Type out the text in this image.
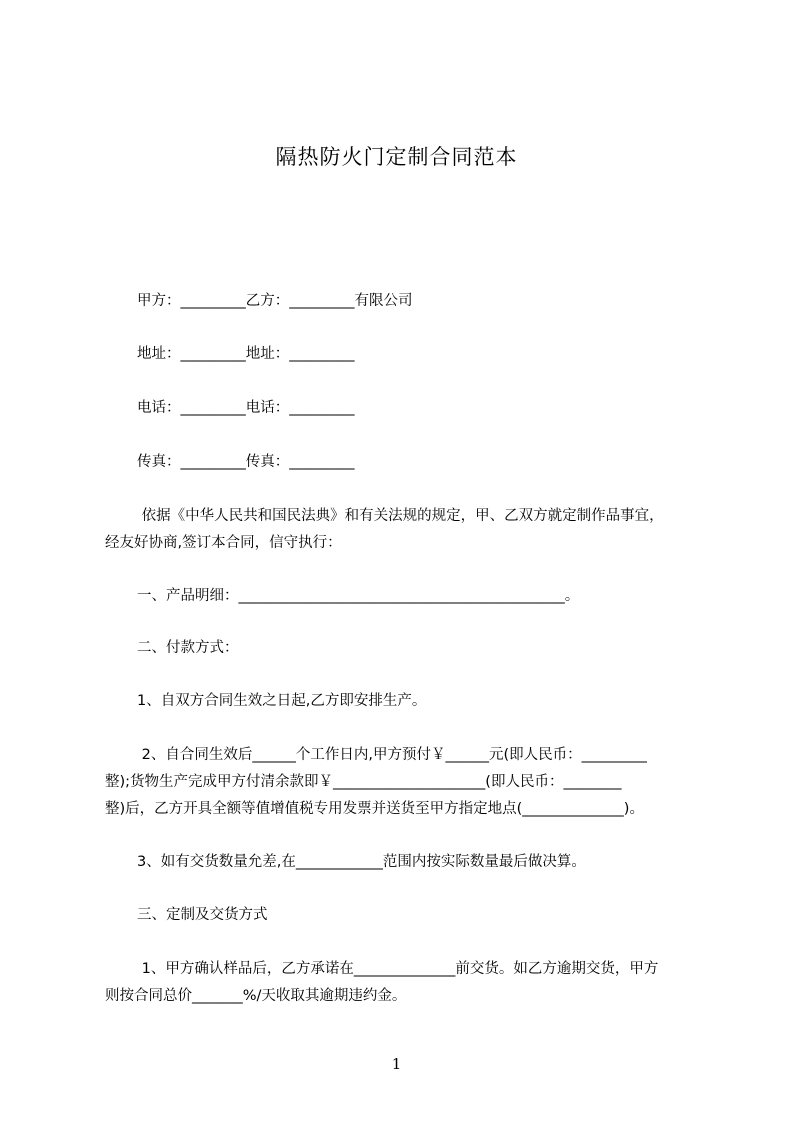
隔热防火门定制合同范本
甲方：_________乙方：_________有限公司
地址：_________地址：_________
电话：_________电话：_________
传真：_________传真：_________
依据《中华人民共和国民法典》和有关法规的规定，甲、乙双方就定制作品事宜，
经友好协商,签订本合同，信守执行：
一、产品明细：_____________________________________________。
二、付款方式：
1、自双方合同生效之日起,乙方即安排生产。
2、自合同生效后______个工作日内,甲方预付￥______元(即人民币：_________
整);货物生产完成甲方付清余款即￥_____________________(即人民币：________
整)后，乙方开具全额等值增值税专用发票并送货至甲方指定地点(______________)。
3、如有交货数量允差,在____________范围内按实际数量最后做决算。
三、定制及交货方式
1、甲方确认样品后，乙方承诺在______________前交货。如乙方逾期交货，甲方
则按合同总价_______%/天收取其逾期违约金。
1
